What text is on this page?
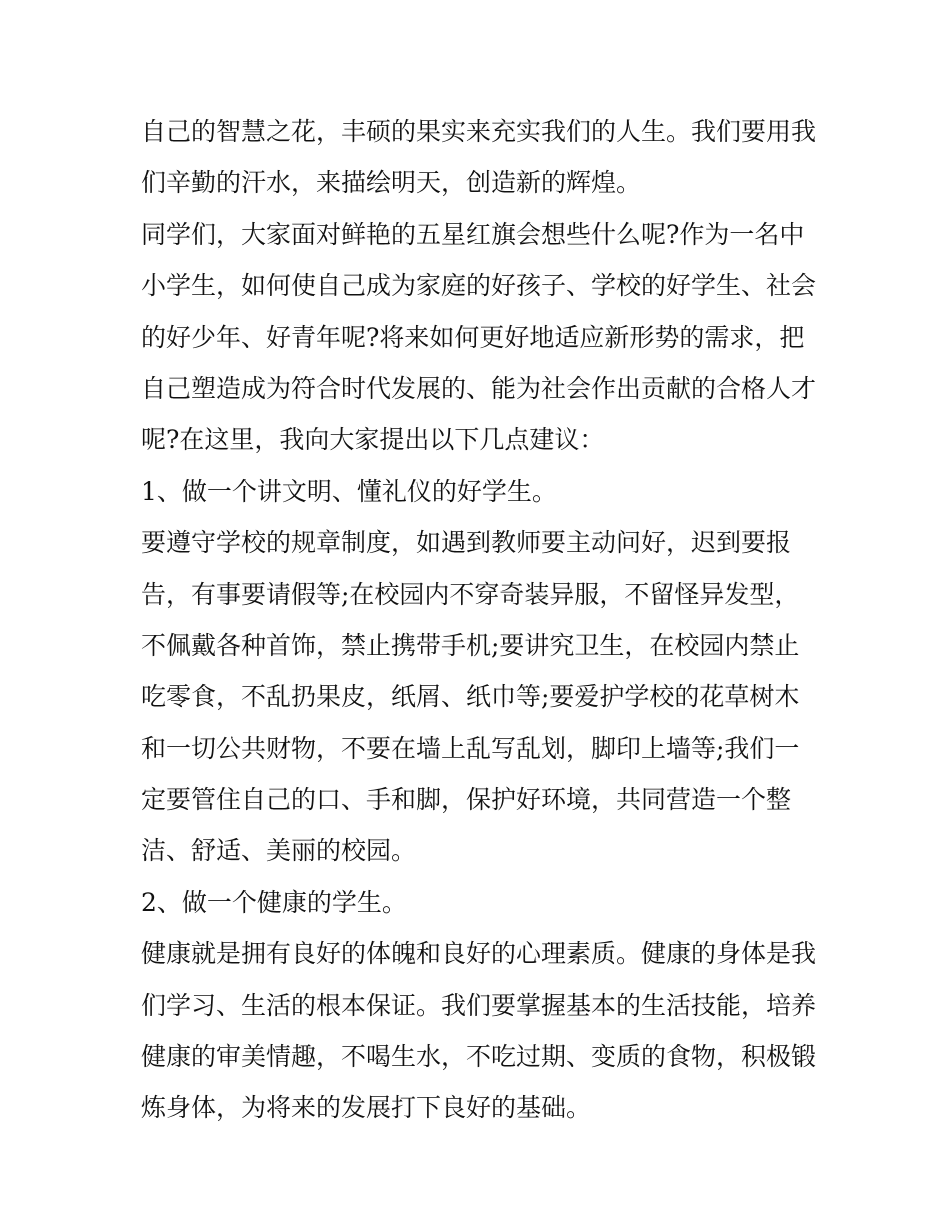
自己的智慧之花，丰硕的果实来充实我们的人生。我们要用我
们辛勤的汗水，来描绘明天，创造新的辉煌。
同学们，大家面对鲜艳的五星红旗会想些什么呢?作为一名中
小学生，如何使自己成为家庭的好孩子、学校的好学生、社会
的好少年、好青年呢?将来如何更好地适应新形势的需求，把
自己塑造成为符合时代发展的、能为社会作出贡献的合格人才
呢?在这里，我向大家提出以下几点建议：
1、做一个讲文明、懂礼仪的好学生。
要遵守学校的规章制度，如遇到教师要主动问好，迟到要报
告，有事要请假等;在校园内不穿奇装异服，不留怪异发型，
不佩戴各种首饰，禁止携带手机;要讲究卫生，在校园内禁止
吃零食，不乱扔果皮，纸屑、纸巾等;要爱护学校的花草树木
和一切公共财物，不要在墙上乱写乱划，脚印上墙等;我们一
定要管住自己的口、手和脚，保护好环境，共同营造一个整
洁、舒适、美丽的校园。
2、做一个健康的学生。
健康就是拥有良好的体魄和良好的心理素质。健康的身体是我
们学习、生活的根本保证。我们要掌握基本的生活技能，培养
健康的审美情趣，不喝生水，不吃过期、变质的食物，积极锻
炼身体，为将来的发展打下良好的基础。
